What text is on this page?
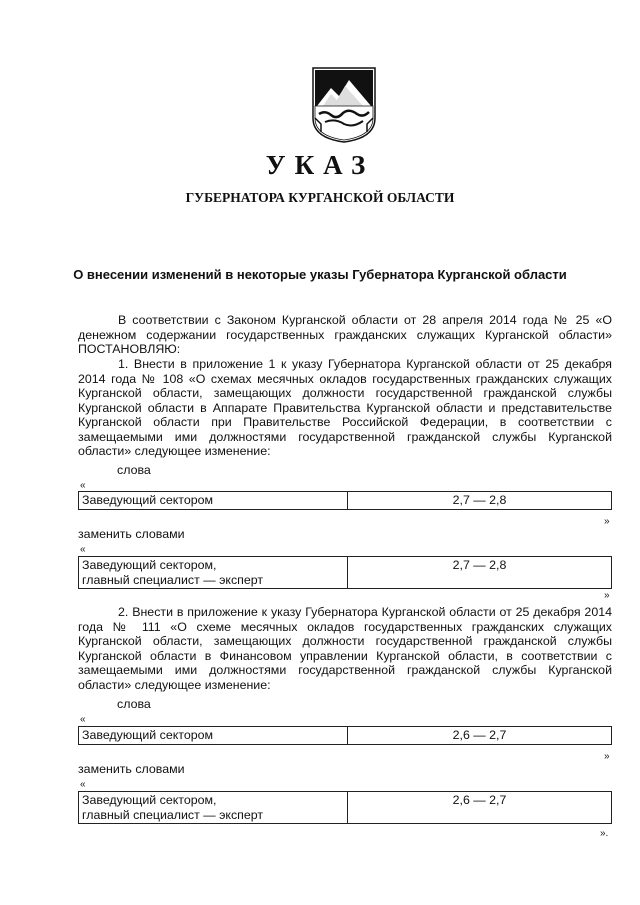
УКАЗ
ГУБЕРНАТОРА КУРГАНСКОЙ ОБЛАСТИ
О внесении изменений в некоторые указы Губернатора Курганской области

В соответствии с Законом Курганской области от 28 апреля 2014 года № 25 «О денежном содержании государственных гражданских служащих Курганской области» ПОСТАНОВЛЯЮ:

1. Внести в приложение 1 к указу Губернатора Курганской области от 25 декабря 2014 года № 108 «О схемах месячных окладов государственных гражданских служащих Курганской области, замещающих должности государственной гражданской службы Курганской области в Аппарате Правительства Курганской области и представительстве Курганской области при Правительстве Российской Федерации, в соответствии с замещаемыми ими должностями государственной гражданской службы Курганской области» следующее изменение:

слова
«
Заведующий сектором	2,7 — 2,8
»
заменить словами
«
Заведующий сектором,
главный специалист — эксперт
	2,7 — 2,8
»

2. Внести в приложение к указу Губернатора Курганской области от 25 декабря 2014 года № 111 «О схеме месячных окладов государственных гражданских служащих Курганской области, замещающих должности государственной гражданской службы Курганской области в Финансовом управлении Курганской области, в соответствии с замещаемыми ими должностями государственной гражданской службы Курганской области» следующее изменение:

слова
«
Заведующий сектором	2,6 — 2,7
»
заменить словами
«
Заведующий сектором,
главный специалист — эксперт
	2,6 — 2,7
».
